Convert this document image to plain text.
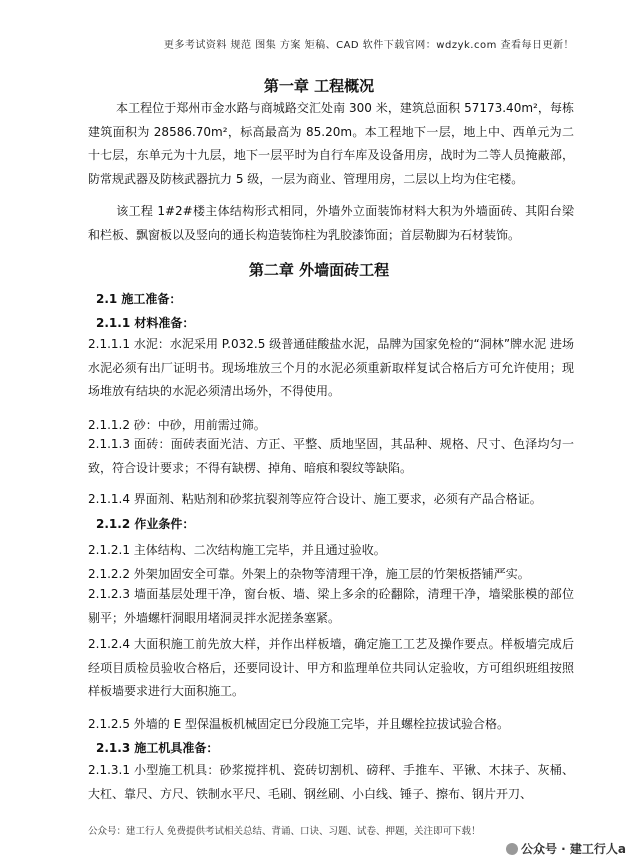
更多考试资料 规范 图集 方案 矩稿、CAD 软件下载官网：wdzyk.com 查看每日更新！
第一章 工程概况
本工程位于郑州市金水路与商城路交汇处南 300 米，建筑总面积 57173.40m²，每栋建筑面积为 28586.70m²，标高最高为 85.20m。本工程地下一层，地上中、西单元为二十七层，东单元为十九层，地下一层平时为自行车库及设备用房，战时为二等人员掩蔽部，防常规武器及防核武器抗力 5 级，一层为商业、管理用房，二层以上均为住宅楼。
该工程 1#2#楼主体结构形式相同，外墙外立面装饰材料大积为外墙面砖、其阳台梁和栏板、飘窗板以及竖向的通长构造装饰柱为乳胶漆饰面；首层勒脚为石材装饰。
第二章 外墙面砖工程
2.1 施工准备：
2.1.1 材料准备：
2.1.1.1 水泥：水泥采用 P.032.5 级普通硅酸盐水泥，品牌为国家免检的“洞林”牌水泥 进场水泥必须有出厂证明书。现场堆放三个月的水泥必须重新取样复试合格后方可允许使用；现场堆放有结块的水泥必须清出场外，不得使用。
2.1.1.2 砂：中砂，用前需过筛。
2.1.1.3 面砖：面砖表面光洁、方正、平整、质地坚固，其品种、规格、尺寸、色泽均匀一致，符合设计要求；不得有缺楞、掉角、暗痕和裂纹等缺陷。
2.1.1.4 界面剂、粘贴剂和砂浆抗裂剂等应符合设计、施工要求，必须有产品合格证。
2.1.2 作业条件：
2.1.2.1 主体结构、二次结构施工完毕，并且通过验收。
2.1.2.2 外架加固安全可靠。外架上的杂物等清理干净，施工层的竹架板搭铺严实。
2.1.2.3 墙面基层处理干净，窗台板、墙、梁上多余的砼翻除，清理干净，墙梁胀模的部位剔平；外墙螺杆洞眼用堵洞灵拌水泥搓条塞紧。
2.1.2.4 大面积施工前先放大样，并作出样板墙，确定施工工艺及操作要点。样板墙完成后经项目质检员验收合格后，还要同设计、甲方和监理单位共同认定验收，方可组织班组按照样板墙要求进行大面积施工。
2.1.2.5 外墙的 E 型保温板机械固定已分段施工完毕，并且螺栓拉拔试验合格。
2.1.3 施工机具准备：
2.1.3.1 小型施工机具：砂浆搅拌机、瓷砖切割机、磅秤、手推车、平锹、木抹子、灰桶、大杠、靠尺、方尺、铁制水平尺、毛刷、钢丝刷、小白线、锤子、擦布、钢片开刀、
公众号：建工行人 免费提供考试相关总结、背诵、口诀、习题、试卷、押题，关注即可下载！
公众号 · 建工行人a
